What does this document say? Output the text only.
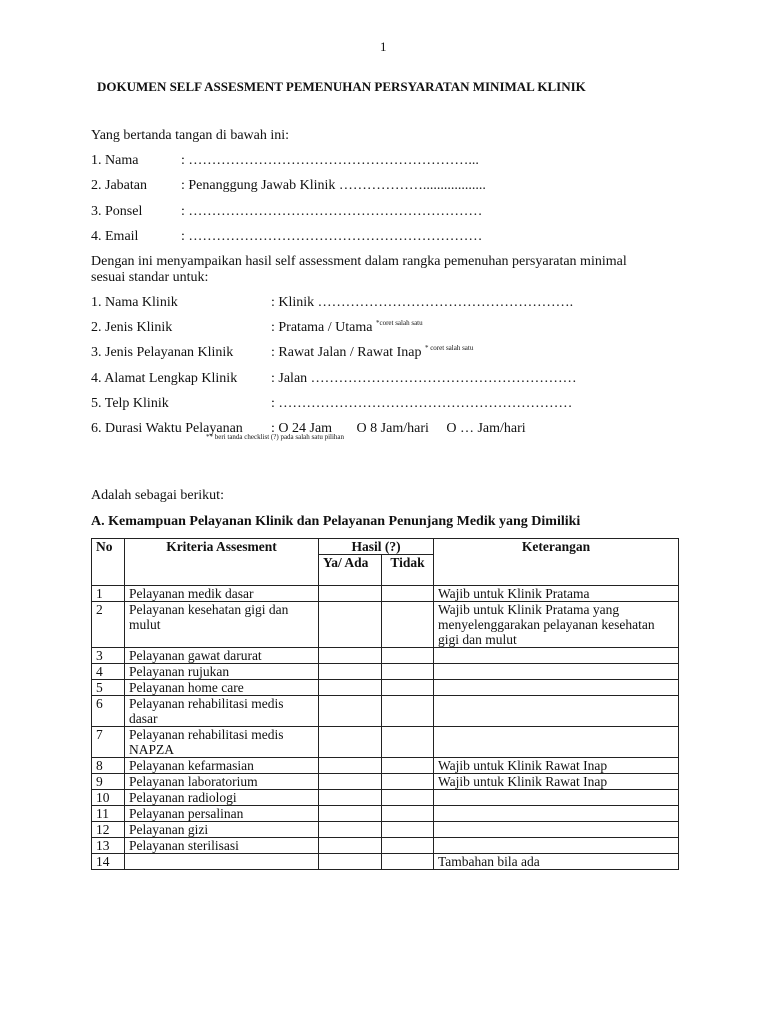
1
DOKUMEN SELF ASSESMENT PEMENUHAN PERSYARATAN MINIMAL KLINIK
Yang bertanda tangan di bawah ini:
1. Nama	: ……………………………………………………...
2. Jabatan : Penanggung Jawab Klinik ………………..................
3. Ponsel	: ………………………………………………………
4. Email	: ………………………………………………………
Dengan ini menyampaikan hasil self assessment dalam rangka pemenuhan persyaratan minimal
sesuai standar untuk:
1. Nama Klinik	: Klinik ……………………………………………….
2. Jenis Klinik	: Pratama / Utama $^{*coret salah satu}$
3. Jenis Pelayanan Klinik	: Rawat Jalan / Rawat Inap $^{* coret salah satu}$
4. Alamat Lengkap Klinik : Jalan …………………………………………………
5. Telp Klinik	: ………………………………………………………
6. Durasi Waktu Pelayanan : O 24 Jam       O 8 Jam/hari     O … Jam/hari
** beri tanda checklist (?) pada salah satu pilihan
Adalah sebagai berikut:
A. Kemampuan Pelayanan Klinik dan Pelayanan Penunjang Medik yang Dimiliki
No	Kriteria Assesment	Hasil (?)		Keterangan
		Ya/ Ada	Tidak	
1	Pelayanan medik dasar			Wajib untuk Klinik Pratama
2	Pelayanan kesehatan gigi dan mulut			Wajib untuk Klinik Pratama yang menyelenggarakan pelayanan kesehatan gigi dan mulut
3	Pelayanan gawat darurat			
4	Pelayanan rujukan			
5	Pelayanan home care			
6	Pelayanan rehabilitasi medis dasar			
7	Pelayanan rehabilitasi medis NAPZA			
8	Pelayanan kefarmasian			Wajib untuk Klinik Rawat Inap
9	Pelayanan laboratorium			Wajib untuk Klinik Rawat Inap
10	Pelayanan radiologi			
11	Pelayanan persalinan			
12	Pelayanan gizi			
13	Pelayanan sterilisasi			
14				Tambahan bila ada
